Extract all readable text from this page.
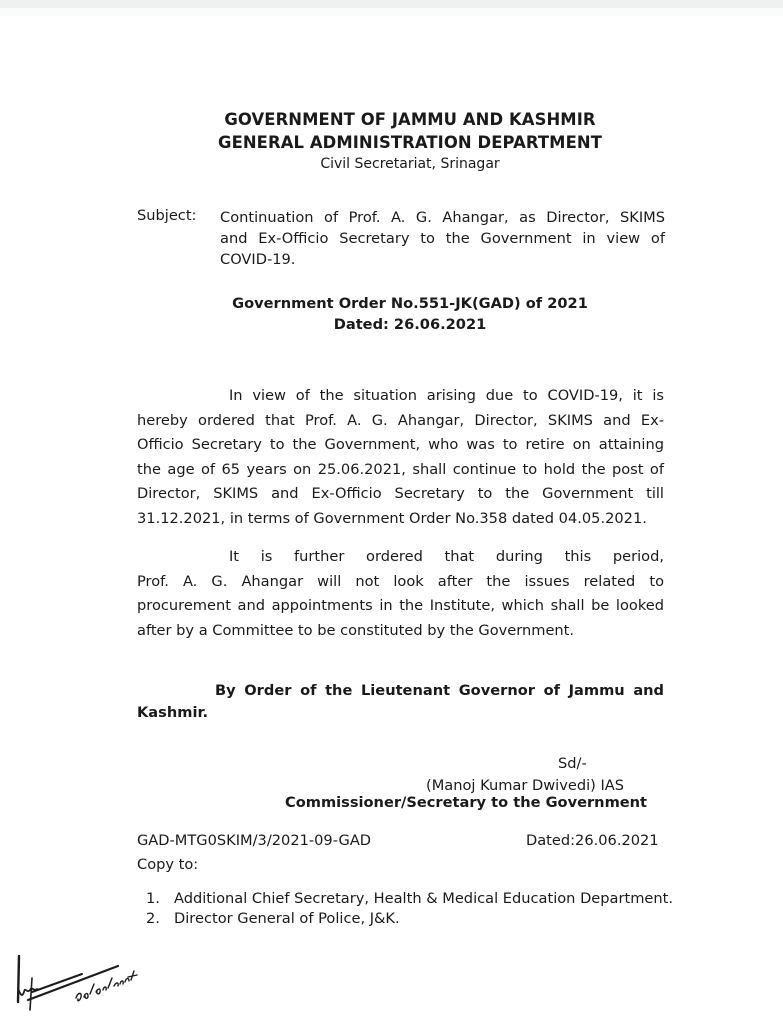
GOVERNMENT OF JAMMU AND KASHMIR
GENERAL ADMINISTRATION DEPARTMENT
Civil Secretariat, Srinagar
Subject: Continuation of Prof. A. G. Ahangar, as Director, SKIMS
and Ex-Officio Secretary to the Government in view of
COVID-19.
Government Order No.551-JK(GAD) of 2021
Dated: 26.06.2021
In view of the situation arising due to COVID-19, it is
hereby ordered that Prof. A. G. Ahangar, Director, SKIMS and Ex-
Officio Secretary to the Government, who was to retire on attaining
the age of 65 years on 25.06.2021, shall continue to hold the post of
Director, SKIMS and Ex-Officio Secretary to the Government till
31.12.2021, in terms of Government Order No.358 dated 04.05.2021.
It is further ordered that during this period,
Prof. A. G. Ahangar will not look after the issues related to
procurement and appointments in the Institute, which shall be looked
after by a Committee to be constituted by the Government.
By Order of the Lieutenant Governor of Jammu and
Kashmir.
Sd/-
(Manoj Kumar Dwivedi) IAS
Commissioner/Secretary to the Government
GAD-MTG0SKIM/3/2021-09-GAD	Dated:26.06.2021
Copy to:
1. Additional Chief Secretary, Health & Medical Education Department.
2. Director General of Police, J&K.
